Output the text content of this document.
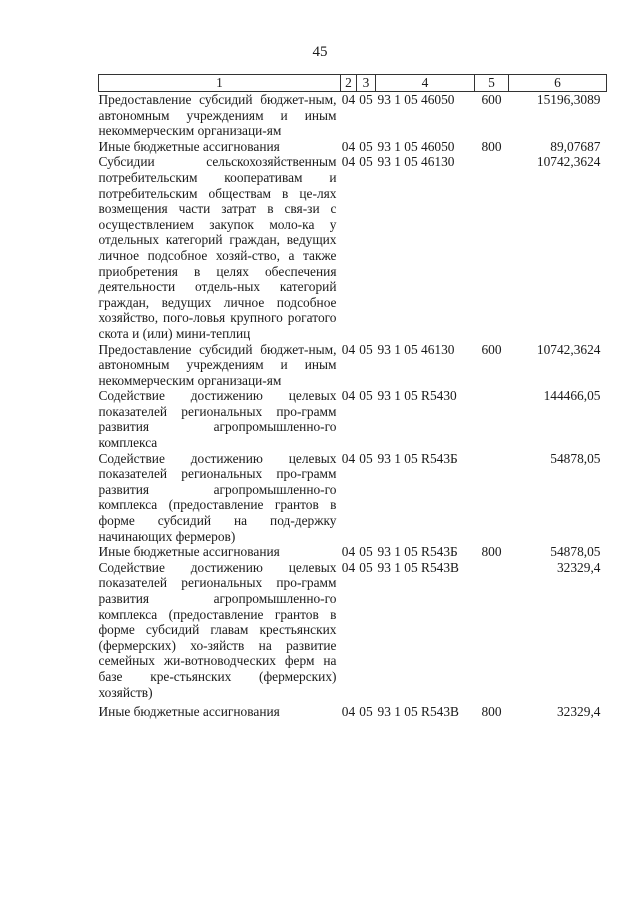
45
1	2	3	4	5	6
Предоставление субсидий бюджет-ным, автономным учреждениям и иным некоммерческим организаци-ям	04	05	93 1 05 46050	600	15196,3089
Иные бюджетные ассигнования	04	05	93 1 05 46050	800	89,07687
Субсидии сельскохозяйственным потребительским кооперативам и потребительским обществам в це-лях возмещения части затрат в свя-зи с осуществлением закупок моло-ка у отдельных категорий граждан, ведущих личное подсобное хозяй-ство, а также приобретения в целях обеспечения деятельности отдель-ных категорий граждан, ведущих личное подсобное хозяйство, пого-ловья крупного рогатого скота и (или) мини-теплиц	04	05	93 1 05 46130		10742,3624
Предоставление субсидий бюджет-ным, автономным учреждениям и иным некоммерческим организаци-ям	04	05	93 1 05 46130	600	10742,3624
Содействие достижению целевых показателей региональных про-грамм развития агропромышленно-го комплекса	04	05	93 1 05 R5430		144466,05
Содействие достижению целевых показателей региональных про-грамм развития агропромышленно-го комплекса (предоставление грантов в форме субсидий на под-держку начинающих фермеров)	04	05	93 1 05 R543Б		54878,05
Иные бюджетные ассигнования	04	05	93 1 05 R543Б	800	54878,05
Содействие достижению целевых показателей региональных про-грамм развития агропромышленно-го комплекса (предоставление грантов в форме субсидий главам крестьянских (фермерских) хо-зяйств на развитие семейных жи-вотноводческих ферм на базе кре-стьянских (фермерских) хозяйств)	04	05	93 1 05 R543В		32329,4
Иные бюджетные ассигнования	04	05	93 1 05 R543В	800	32329,4
